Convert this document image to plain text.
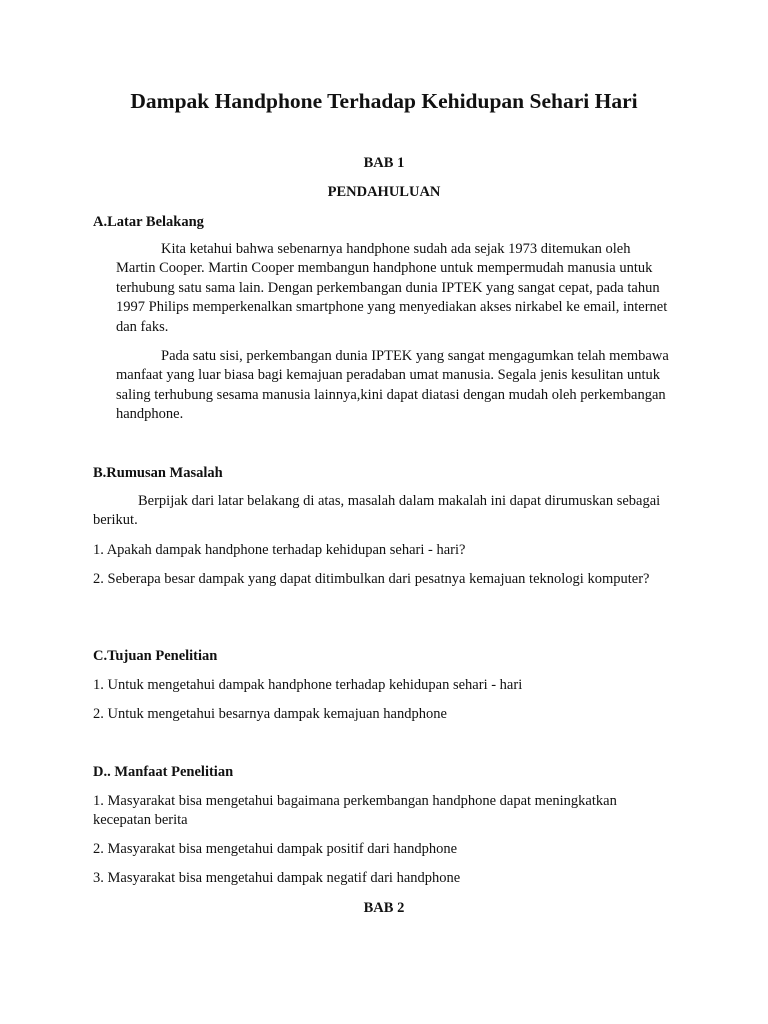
Dampak Handphone Terhadap Kehidupan Sehari Hari
BAB 1
PENDAHULUAN
A.Latar Belakang

Kita ketahui bahwa sebenarnya handphone sudah ada sejak 1973 ditemukan oleh Martin Cooper. Martin Cooper membangun handphone untuk mempermudah manusia untuk terhubung satu sama lain. Dengan perkembangan dunia IPTEK yang sangat cepat, pada tahun 1997 Philips memperkenalkan smartphone yang menyediakan akses nirkabel ke email, internet dan faks.

Pada satu sisi, perkembangan dunia IPTEK yang sangat mengagumkan telah membawa manfaat yang luar biasa bagi kemajuan peradaban umat manusia. Segala jenis kesulitan untuk saling terhubung sesama manusia lainnya,kini dapat diatasi dengan mudah oleh perkembangan handphone.

B.Rumusan Masalah

Berpijak dari latar belakang di atas, masalah dalam makalah ini dapat dirumuskan sebagai berikut.

1. Apakah dampak handphone terhadap kehidupan sehari - hari?

2. Seberapa besar dampak yang dapat ditimbulkan dari pesatnya kemajuan teknologi komputer?

C.Tujuan Penelitian

1. Untuk mengetahui dampak handphone terhadap kehidupan sehari - hari

2. Untuk mengetahui besarnya dampak kemajuan handphone

D.. Manfaat Penelitian

1. Masyarakat bisa mengetahui bagaimana perkembangan handphone dapat meningkatkan kecepatan berita

2. Masyarakat bisa mengetahui dampak positif dari handphone

3. Masyarakat bisa mengetahui dampak negatif dari handphone

BAB 2
